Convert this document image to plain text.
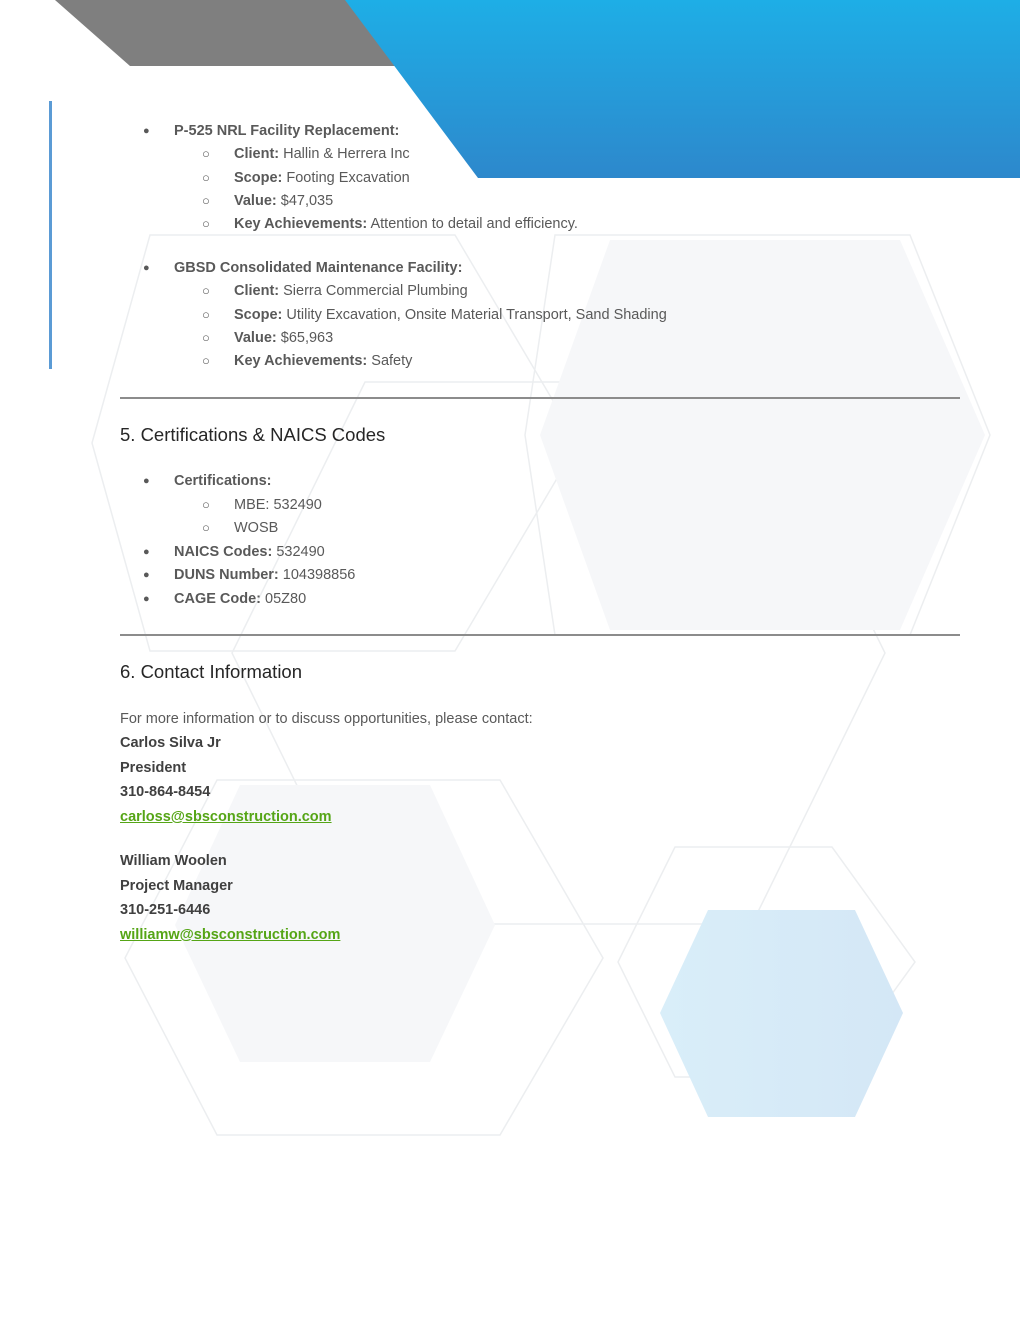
● P-525 NRL Facility Replacement:
○ Client: Hallin & Herrera Inc
○ Scope: Footing Excavation
○ Value: $47,035
○ Key Achievements: Attention to detail and efficiency.
● GBSD Consolidated Maintenance Facility:
○ Client: Sierra Commercial Plumbing
○ Scope: Utility Excavation, Onsite Material Transport, Sand Shading
○ Value: $65,963
○ Key Achievements: Safety
5. Certifications & NAICS Codes
● Certifications:
○ MBE: 532490
○ WOSB
● NAICS Codes: 532490
● DUNS Number: 104398856
● CAGE Code: 05Z80
6. Contact Information
For more information or to discuss opportunities, please contact:
Carlos Silva Jr
President
310-864-8454
carloss@sbsconstruction.com
William Woolen
Project Manager
310-251-6446
williamw@sbsconstruction.com
